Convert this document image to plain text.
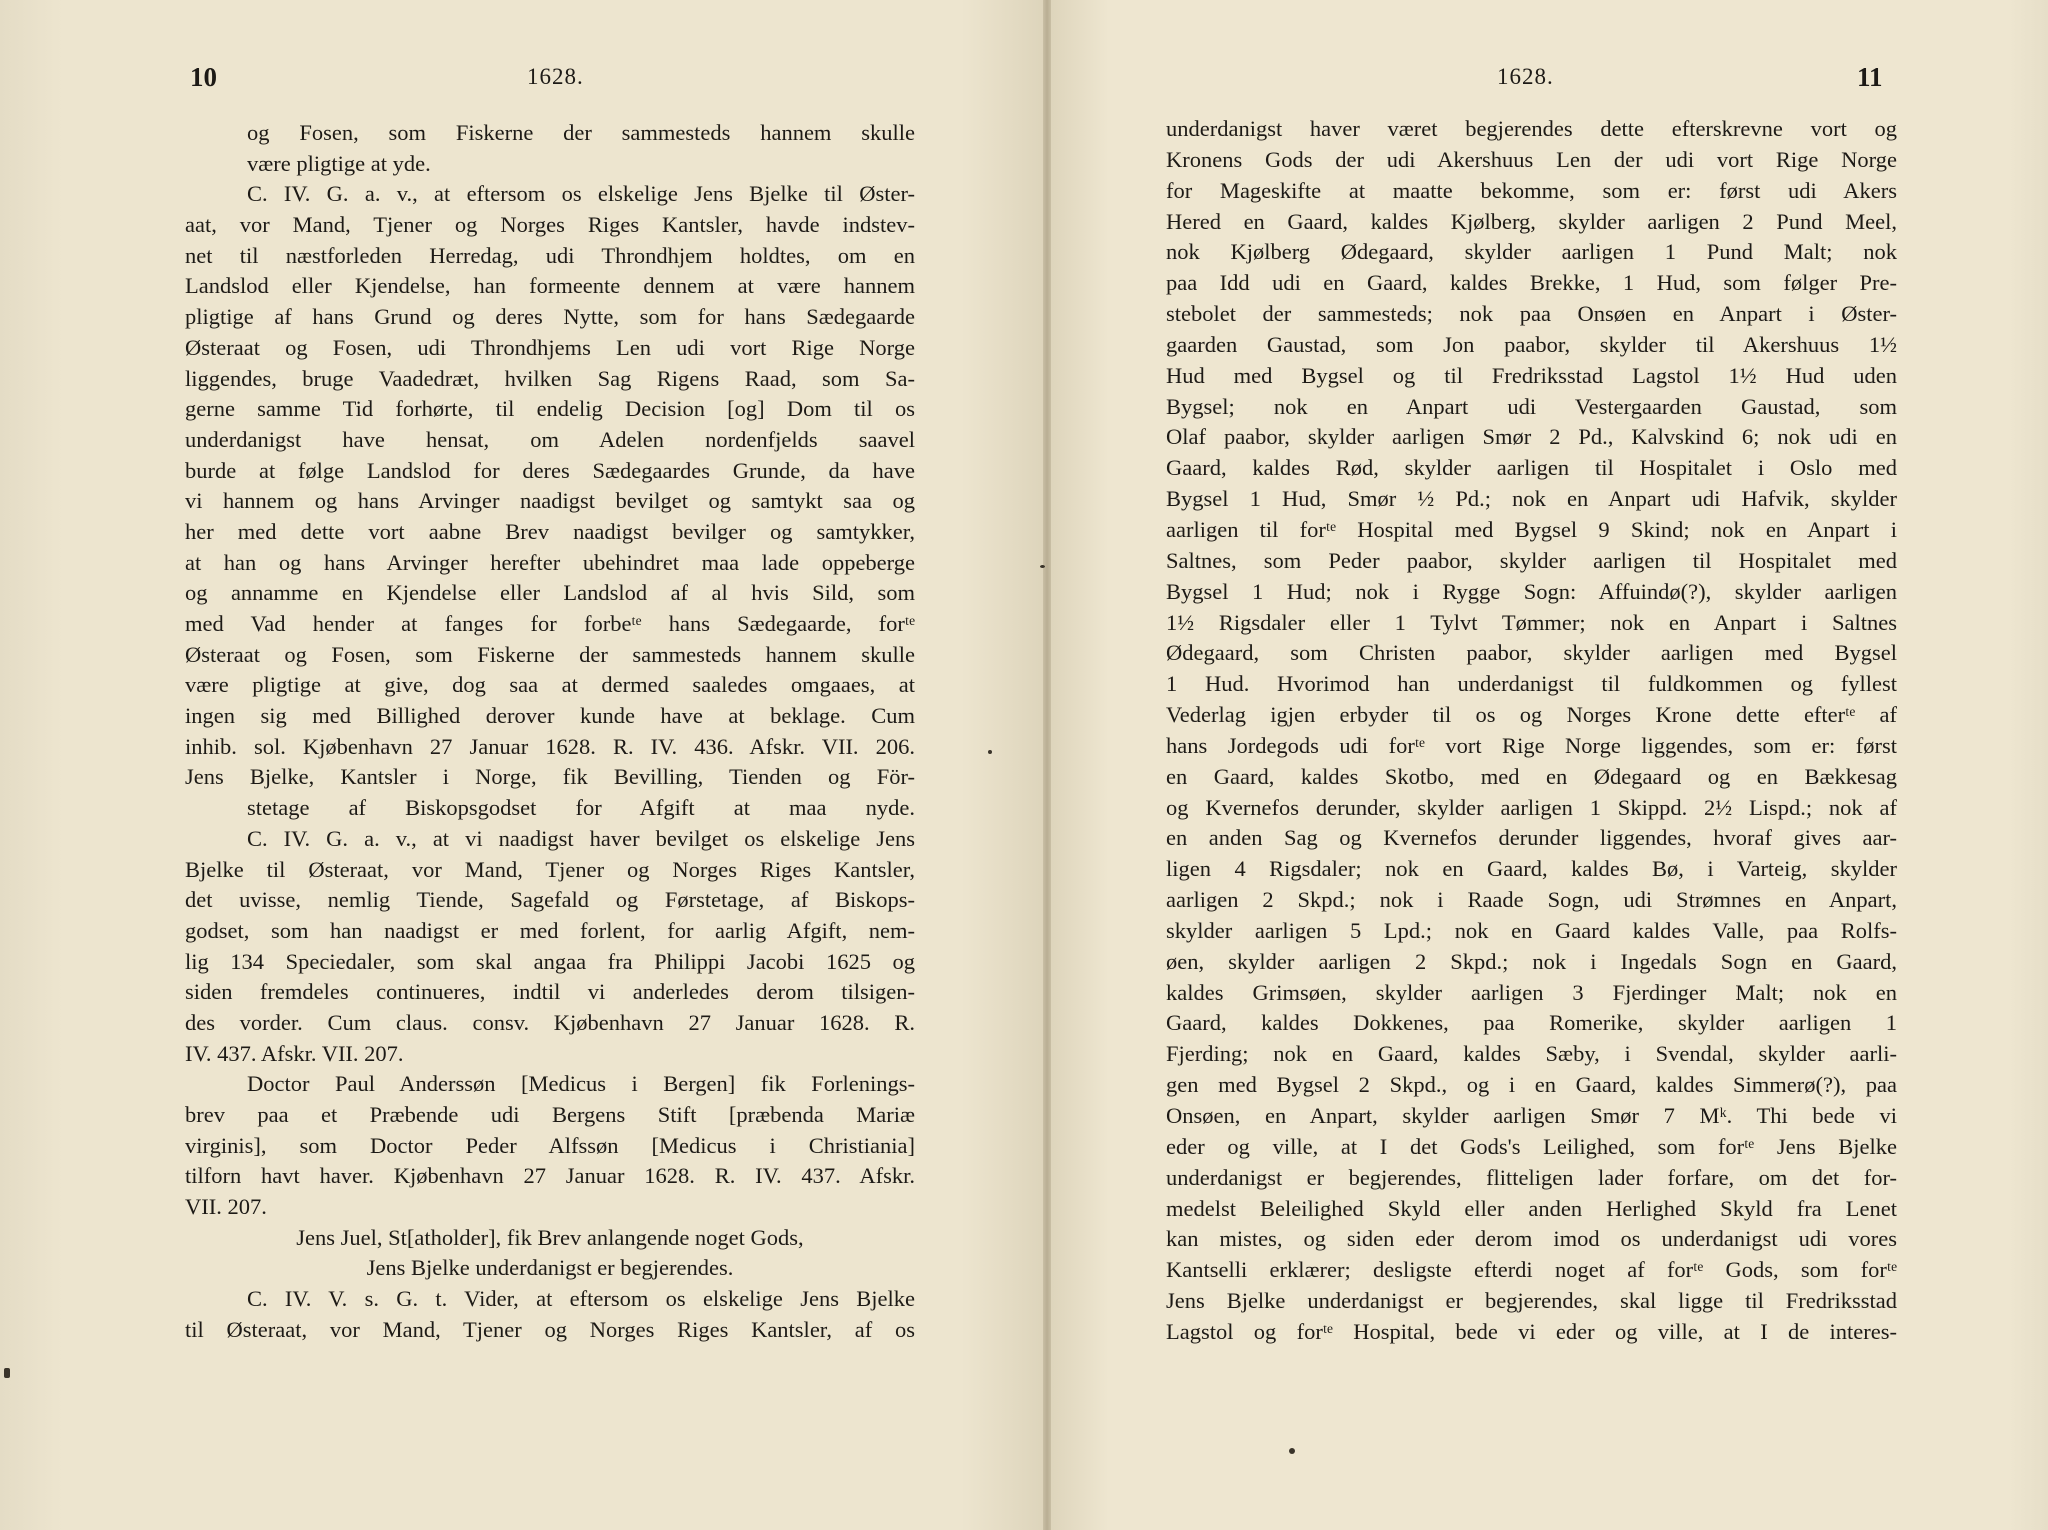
10	1628.	1628.	11
og Fosen, som Fiskerne der sammesteds hannem skulle
være pligtige at yde.
C. IV. G. a. v., at eftersom os elskelige Jens Bjelke til Øster-
aat, vor Mand, Tjener og Norges Riges Kantsler, havde indstev-
net til næstforleden Herredag, udi Throndhjem holdtes, om en
Landslod eller Kjendelse, han formeente dennem at være hannem
pligtige af hans Grund og deres Nytte, som for hans Sædegaarde
Østeraat og Fosen, udi Throndhjems Len udi vort Rige Norge
liggendes, bruge Vaadedræt, hvilken Sag Rigens Raad, som Sa-
gerne samme Tid forhørte, til endelig Decision [og] Dom til os
underdanigst have hensat, om Adelen nordenfjelds saavel
burde at følge Landslod for deres Sædegaardes Grunde, da have
vi hannem og hans Arvinger naadigst bevilget og samtykt saa og
her med dette vort aabne Brev naadigst bevilger og samtykker,
at han og hans Arvinger herefter ubehindret maa lade oppeberge
og annamme en Kjendelse eller Landslod af al hvis Sild, som
med Vad hender at fanges for forbeᵗᵉ hans Sædegaarde, forᵗᵉ
Østeraat og Fosen, som Fiskerne der sammesteds hannem skulle
være pligtige at give, dog saa at dermed saaledes omgaaes, at
ingen sig med Billighed derover kunde have at beklage. Cum
inhib. sol. Kjøbenhavn 27 Januar 1628. R. IV. 436. Afskr. VII. 206.
Jens Bjelke, Kantsler i Norge, fik Bevilling, Tienden og För-
stetage af Biskopsgodset for Afgift at maa nyde.
C. IV. G. a. v., at vi naadigst haver bevilget os elskelige Jens
Bjelke til Østeraat, vor Mand, Tjener og Norges Riges Kantsler,
det uvisse, nemlig Tiende, Sagefald og Førstetage, af Biskops-
godset, som han naadigst er med forlent, for aarlig Afgift, nem-
lig 134 Speciedaler, som skal angaa fra Philippi Jacobi 1625 og
siden fremdeles continueres, indtil vi anderledes derom tilsigen-
des vorder. Cum claus. consv. Kjøbenhavn 27 Januar 1628. R.
IV. 437. Afskr. VII. 207.
Doctor Paul Anderssøn [Medicus i Bergen] fik Forlenings-
brev paa et Præbende udi Bergens Stift [præbenda Mariæ
virginis], som Doctor Peder Alfssøn [Medicus i Christiania]
tilforn havt haver. Kjøbenhavn 27 Januar 1628. R. IV. 437. Afskr.
VII. 207.
Jens Juel, St[atholder], fik Brev anlangende noget Gods,
Jens Bjelke underdanigst er begjerendes.
C. IV. V. s. G. t. Vider, at eftersom os elskelige Jens Bjelke
til Østeraat, vor Mand, Tjener og Norges Riges Kantsler, af os
underdanigst haver været begjerendes dette efterskrevne vort og
Kronens Gods der udi Akershuus Len der udi vort Rige Norge
for Mageskifte at maatte bekomme, som er: først udi Akers
Hered en Gaard, kaldes Kjølberg, skylder aarligen 2 Pund Meel,
nok Kjølberg Ødegaard, skylder aarligen 1 Pund Malt; nok
paa Idd udi en Gaard, kaldes Brekke, 1 Hud, som følger Pre-
stebolet der sammesteds; nok paa Onsøen en Anpart i Øster-
gaarden Gaustad, som Jon paabor, skylder til Akershuus 1½
Hud med Bygsel og til Fredriksstad Lagstol 1½ Hud uden
Bygsel; nok en Anpart udi Vestergaarden Gaustad, som
Olaf paabor, skylder aarligen Smør 2 Pd., Kalvskind 6; nok udi en
Gaard, kaldes Rød, skylder aarligen til Hospitalet i Oslo med
Bygsel 1 Hud, Smør ½ Pd.; nok en Anpart udi Hafvik, skylder
aarligen til forᵗᵉ Hospital med Bygsel 9 Skind; nok en Anpart i
Saltnes, som Peder paabor, skylder aarligen til Hospitalet med
Bygsel 1 Hud; nok i Rygge Sogn: Affuindø(?), skylder aarligen
1½ Rigsdaler eller 1 Tylvt Tømmer; nok en Anpart i Saltnes
Ødegaard, som Christen paabor, skylder aarligen med Bygsel
1 Hud. Hvorimod han underdanigst til fuldkommen og fyllest
Vederlag igjen erbyder til os og Norges Krone dette efterᵗᵉ af
hans Jordegods udi forᵗᵉ vort Rige Norge liggendes, som er: først
en Gaard, kaldes Skotbo, med en Ødegaard og en Bækkesag
og Kvernefos derunder, skylder aarligen 1 Skippd. 2½ Lispd.; nok af
en anden Sag og Kvernefos derunder liggendes, hvoraf gives aar-
ligen 4 Rigsdaler; nok en Gaard, kaldes Bø, i Varteig, skylder
aarligen 2 Skpd.; nok i Raade Sogn, udi Strømnes en Anpart,
skylder aarligen 5 Lpd.; nok en Gaard kaldes Valle, paa Rolfs-
øen, skylder aarligen 2 Skpd.; nok i Ingedals Sogn en Gaard,
kaldes Grimsøen, skylder aarligen 3 Fjerdinger Malt; nok en
Gaard, kaldes Dokkenes, paa Romerike, skylder aarligen 1
Fjerding; nok en Gaard, kaldes Sæby, i Svendal, skylder aarli-
gen med Bygsel 2 Skpd., og i en Gaard, kaldes Simmerø(?), paa
Onsøen, en Anpart, skylder aarligen Smør 7 Mᵏ. Thi bede vi
eder og ville, at I det Gods's Leilighed, som forᵗᵉ Jens Bjelke
underdanigst er begjerendes, flitteligen lader forfare, om det for-
medelst Beleilighed Skyld eller anden Herlighed Skyld fra Lenet
kan mistes, og siden eder derom imod os underdanigst udi vores
Kantselli erklærer; desligste efterdi noget af forᵗᵉ Gods, som forᵗᵉ
Jens Bjelke underdanigst er begjerendes, skal ligge til Fredriksstad
Lagstol og forᵗᵉ Hospital, bede vi eder og ville, at I de interes-
